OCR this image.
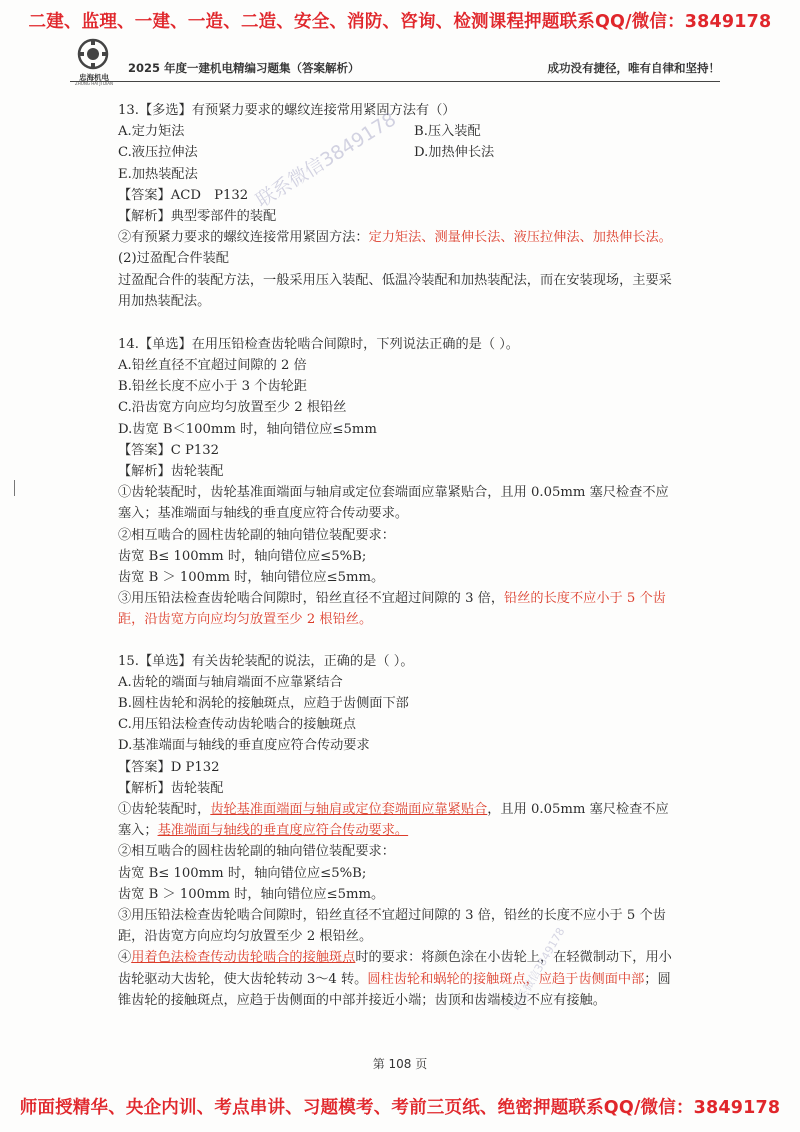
二建、监理、一建、一造、二造、安全、消防、咨询、检测课程押题联系QQ/微信：3849178
忠海机电
ZHONG HAI JI DIAN
2025 年度一建机电精编习题集（答案解析）	成功没有捷径，唯有自律和坚持！
13.【多选】有预紧力要求的螺纹连接常用紧固方法有（）
A.定力矩法	B.压入装配
C.液压拉伸法	D.加热伸长法
E.加热装配法
【答案】ACD　P132
【解析】典型零部件的装配
②有预紧力要求的螺纹连接常用紧固方法：定力矩法、测量伸长法、液压拉伸法、加热伸长法。
(2)过盈配合件装配
过盈配合件的装配方法，一般采用压入装配、低温冷装配和加热装配法，而在安装现场，主要采用加热装配法。
14.【单选】在用压铅检查齿轮啮合间隙时，下列说法正确的是（ ）。
A.铅丝直径不宜超过间隙的 2 倍
B.铅丝长度不应小于 3 个齿轮距
C.沿齿宽方向应均匀放置至少 2 根铅丝
D.齿宽 B＜100mm 时，轴向错位应≤5mm
【答案】C P132
【解析】齿轮装配
①齿轮装配时，齿轮基准面端面与轴肩或定位套端面应靠紧贴合，且用 0.05mm 塞尺检查不应塞入；基准端面与轴线的垂直度应符合传动要求。
②相互啮合的圆柱齿轮副的轴向错位装配要求：
齿宽 B≤ 100mm 时，轴向错位应≤5%B;
齿宽 B ＞ 100mm 时，轴向错位应≤5mm。
③用压铅法检查齿轮啮合间隙时，铅丝直径不宜超过间隙的 3 倍，铅丝的长度不应小于 5 个齿距，沿齿宽方向应均匀放置至少 2 根铅丝。
15.【单选】有关齿轮装配的说法，正确的是（ ）。
A.齿轮的端面与轴肩端面不应靠紧结合
B.圆柱齿轮和涡轮的接触斑点，应趋于齿侧面下部
C.用压铅法检查传动齿轮啮合的接触斑点
D.基准端面与轴线的垂直度应符合传动要求
【答案】D P132
【解析】齿轮装配
①齿轮装配时，齿轮基准面端面与轴肩或定位套端面应靠紧贴合，且用 0.05mm 塞尺检查不应塞入；基准端面与轴线的垂直度应符合传动要求。
②相互啮合的圆柱齿轮副的轴向错位装配要求：
齿宽 B≤ 100mm 时，轴向错位应≤5%B;
齿宽 B ＞ 100mm 时，轴向错位应≤5mm。
③用压铅法检查齿轮啮合间隙时，铅丝直径不宜超过间隙的 3 倍，铅丝的长度不应小于 5 个齿距，沿齿宽方向应均匀放置至少 2 根铅丝。
④用着色法检查传动齿轮啮合的接触斑点时的要求：将颜色涂在小齿轮上，在轻微制动下，用小齿轮驱动大齿轮，使大齿轮转动 3～4 转。圆柱齿轮和蜗轮的接触斑点，应趋于齿侧面中部；圆锥齿轮的接触斑点，应趋于齿侧面的中部并接近小端；齿顶和齿端棱边不应有接触。
联系微信3849178
联系微信3849178
第 108 页
师面授精华、央企内训、考点串讲、习题模考、考前三页纸、绝密押题联系QQ/微信：3849178
